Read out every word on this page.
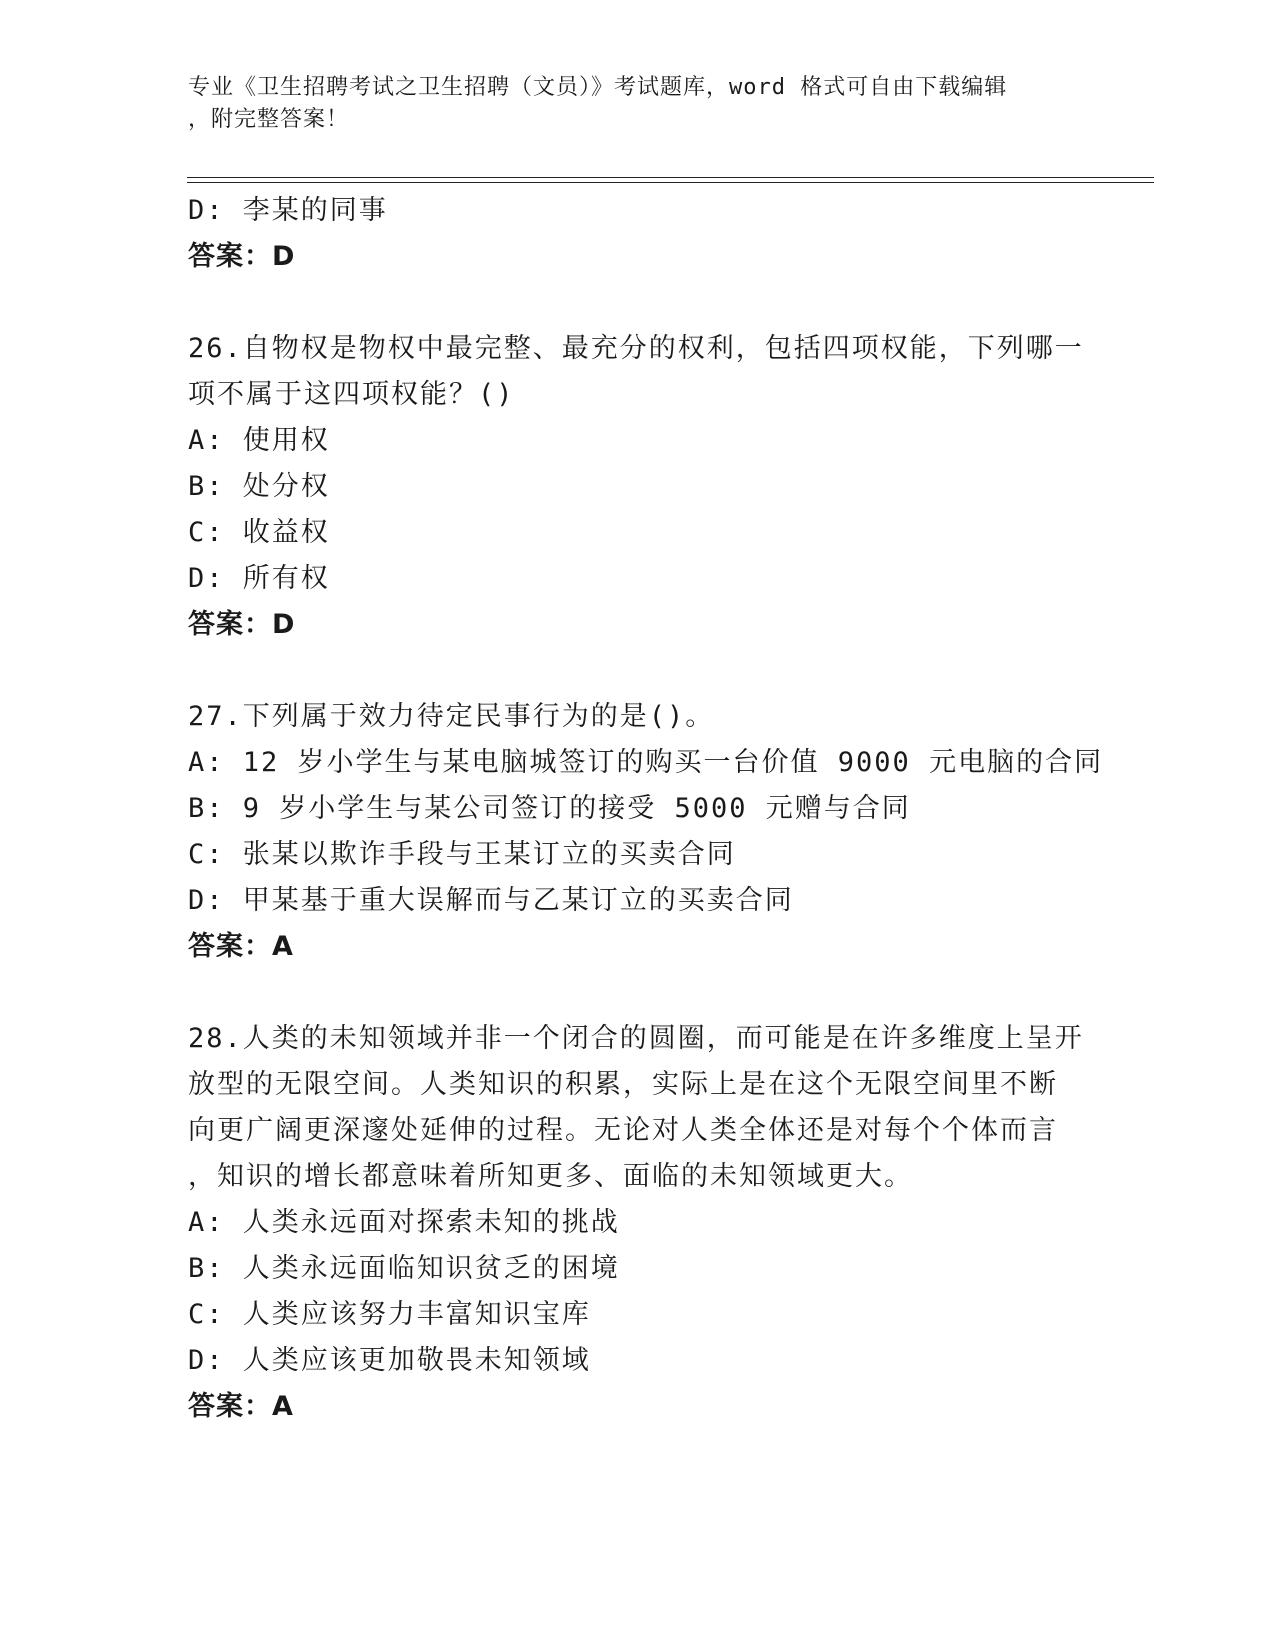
专业《卫生招聘考试之卫生招聘（文员）》考试题库，word 格式可自由下载编辑
，附完整答案！
D: 李某的同事
答案：D
26.自物权是物权中最完整、最充分的权利，包括四项权能，下列哪一
项不属于这四项权能？()
A: 使用权
B: 处分权
C: 收益权
D: 所有权
答案：D
27.下列属于效力待定民事行为的是()。
A: 12 岁小学生与某电脑城签订的购买一台价值 9000 元电脑的合同
B: 9 岁小学生与某公司签订的接受 5000 元赠与合同
C: 张某以欺诈手段与王某订立的买卖合同
D: 甲某基于重大误解而与乙某订立的买卖合同
答案：A
28.人类的未知领域并非一个闭合的圆圈，而可能是在许多维度上呈开
放型的无限空间。人类知识的积累，实际上是在这个无限空间里不断
向更广阔更深邃处延伸的过程。无论对人类全体还是对每个个体而言
，知识的增长都意味着所知更多、面临的未知领域更大。
A: 人类永远面对探索未知的挑战
B: 人类永远面临知识贫乏的困境
C: 人类应该努力丰富知识宝库
D: 人类应该更加敬畏未知领域
答案：A
